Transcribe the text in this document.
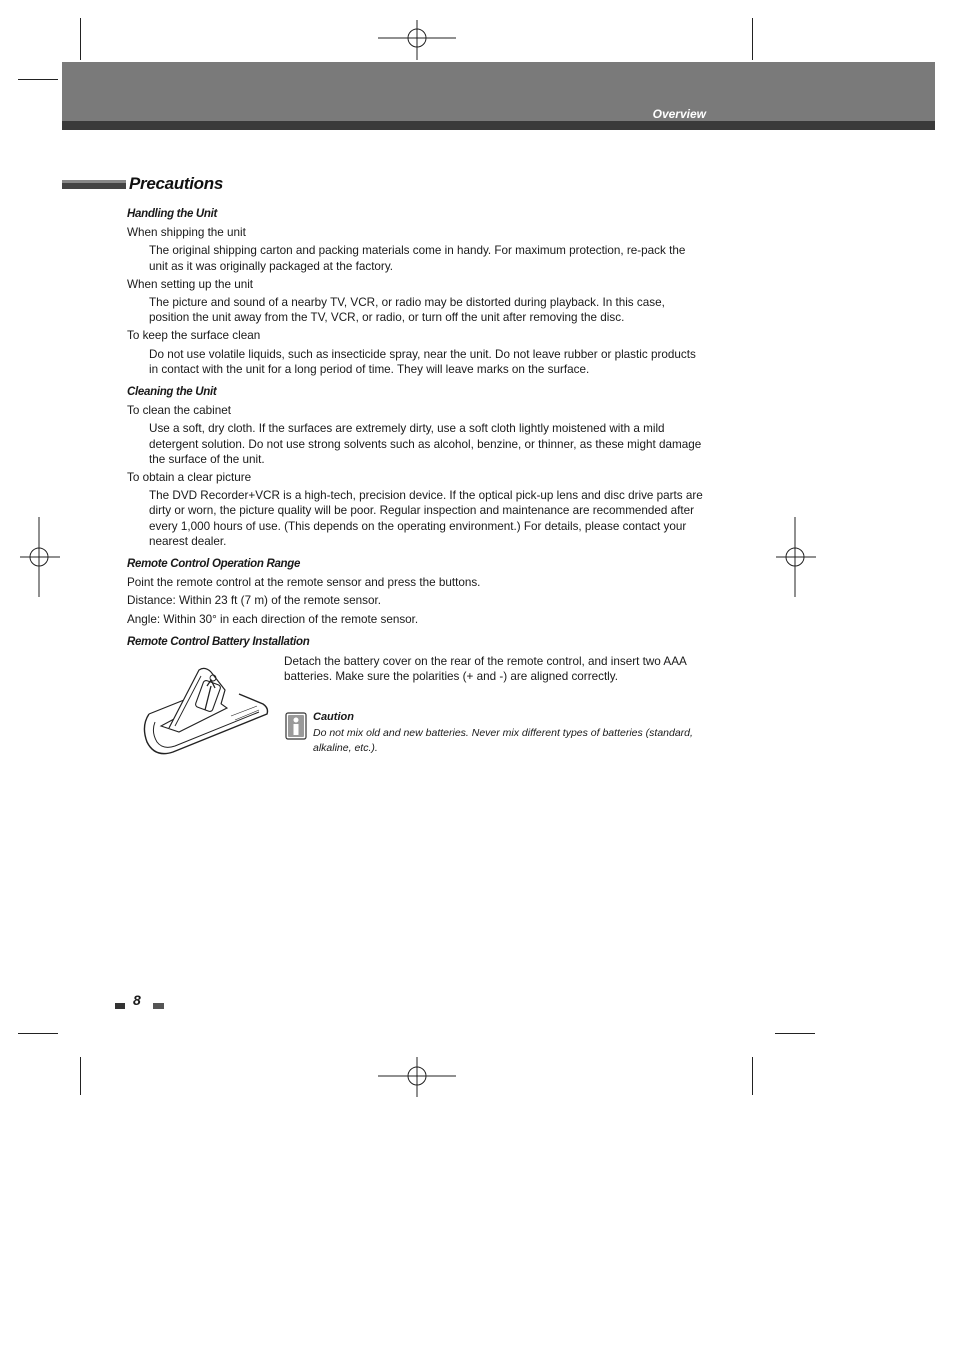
Overview
Precautions
Handling the Unit
When shipping the unit
The original shipping carton and packing materials come in handy. For maximum protection, re-pack the unit as it was originally packaged at the factory.
When setting up the unit
The picture and sound of a nearby TV, VCR, or radio may be distorted during playback. In this case, position the unit away from the TV, VCR, or radio, or turn off the unit after removing the disc.
To keep the surface clean
Do not use volatile liquids, such as insecticide spray, near the unit. Do not leave rubber or plastic products in contact with the unit for a long period of time. They will leave marks on the surface.
Cleaning the Unit
To clean the cabinet
Use a soft, dry cloth. If the surfaces are extremely dirty, use a soft cloth lightly moistened with a mild detergent solution. Do not use strong solvents such as alcohol, benzine, or thinner, as these might damage the surface of the unit.
To obtain a clear picture
The DVD Recorder+VCR is a high-tech, precision device. If the optical pick-up lens and disc drive parts are dirty or worn, the picture quality will be poor. Regular inspection and maintenance are recommended after every 1,000 hours of use. (This depends on the operating environment.) For details, please contact your nearest dealer.
Remote Control Operation Range
Point the remote control at the remote sensor and press the buttons.
Distance: Within 23 ft (7 m) of the remote sensor.
Angle: Within 30° in each direction of the remote sensor.
Remote Control Battery Installation
Detach the battery cover on the rear of the remote control, and insert two AAA batteries. Make sure the polarities (+ and -) are aligned correctly.
Caution
Do not mix old and new batteries. Never mix different types of batteries (standard, alkaline, etc.).
8
